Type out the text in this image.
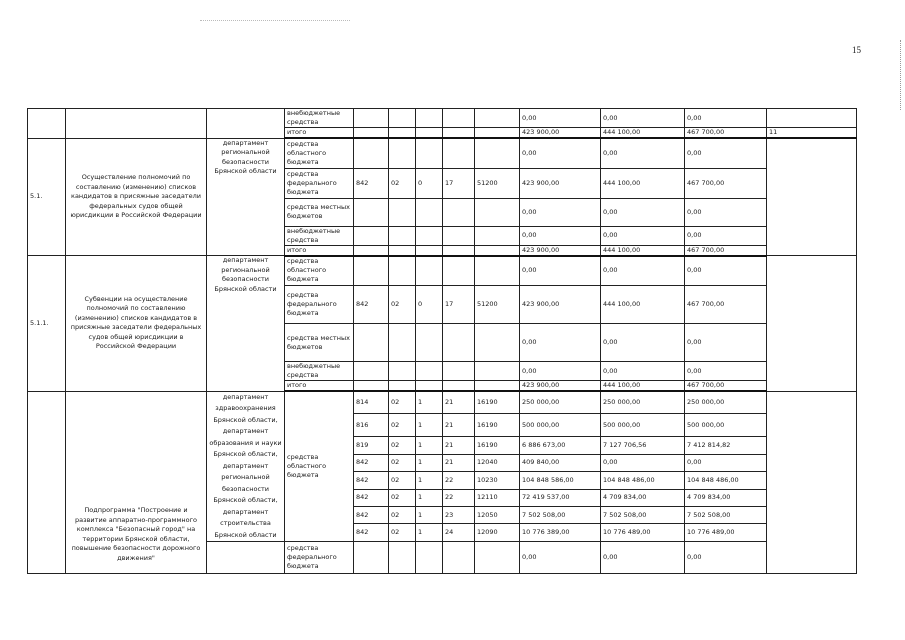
15
			внебюджетные средства						0,00	0,00	0,00	
			итого						423 900,00	444 100,00	467 700,00	11
5.1.	Осуществление полномочий по составлению (изменению) списков кандидатов в присяжные заседатели федеральных судов общей юрисдикции в Российской Федерации	департамент региональной безопасности Брянской области	средства областного бюджета						0,00	0,00	0,00	
			средства федерального бюджета	842	02	0	17	51200	423 900,00	444 100,00	467 700,00	
			средства местных бюджетов						0,00	0,00	0,00	
			внебюджетные средства						0,00	0,00	0,00	
			итого						423 900,00	444 100,00	467 700,00	
5.1.1.	Субвенции на осуществление полномочий по составлению (изменению) списков кандидатов в присяжные заседатели федеральных судов общей юрисдикции в Российской Федерации	департамент региональной безопасности Брянской области	средства областного бюджета						0,00	0,00	0,00	
			средства федерального бюджета	842	02	0	17	51200	423 900,00	444 100,00	467 700,00	
			средства местных бюджетов						0,00	0,00	0,00	
			внебюджетные средства						0,00	0,00	0,00	
			итого						423 900,00	444 100,00	467 700,00	
	Подпрограмма "Построение и развитие аппаратно-программного комплекса "Безопасный город" на территории Брянской области, повышение безопасности дорожного движения"	департамент здравоохранения Брянской области, департамент образования и науки Брянской области, департамент региональной безопасности Брянской области, департамент строительства Брянской области	средства областного бюджета	814	02	1	21	16190	250 000,00	250 000,00	250 000,00	
				816	02	1	21	16190	500 000,00	500 000,00	500 000,00	
				819	02	1	21	16190	6 886 673,00	7 127 706,56	7 412 814,82	
				842	02	1	21	12040	409 840,00	0,00	0,00	
				842	02	1	22	10230	104 848 586,00	104 848 486,00	104 848 486,00	
				842	02	1	22	12110	72 419 537,00	4 709 834,00	4 709 834,00	
				842	02	1	23	12050	7 502 508,00	7 502 508,00	7 502 508,00	
				842	02	1	24	12090	10 776 389,00	10 776 489,00	10 776 489,00	
			средства федерального бюджета						0,00	0,00	0,00	
